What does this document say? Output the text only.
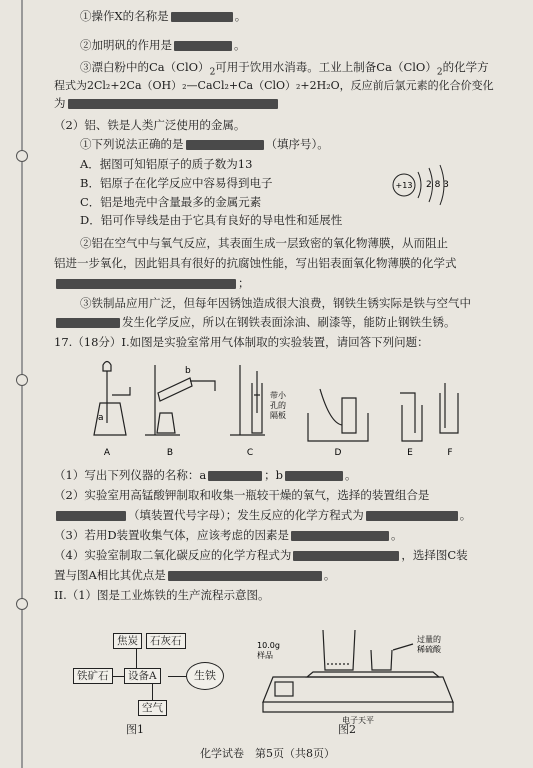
①操作X的名称是	。
②加明矾的作用是	。
③漂白粉中的$Ca(ClO)_2$可用于饮用水消毒。工业上制备$Ca(ClO)_2$的化学方
程式为2Cl₂+2Ca（OH）₂—CaCl₂+Ca（ClO）₂+2H₂O，反应前后氯元素的化合价变化
为
（2）铝、铁是人类广泛使用的金属。
①下列说法正确的是	（填序号）。
A．据图可知铝原子的质子数为13
B．铝原子在化学反应中容易得到电子
C．铝是地壳中含量最多的金属元素
D．铝可作导线是由于它具有良好的导电性和延展性
+13 2 8 3
②铝在空气中与氧气反应，其表面生成一层致密的氧化物薄膜，从而阻止
铝进一步氧化，因此铝具有很好的抗腐蚀性能，写出铝表面氧化物薄膜的化学式
；
③铁制品应用广泛，但每年因锈蚀造成很大浪费，钢铁生锈实际是铁与空气中
发生化学反应，所以在钢铁表面涂油、刷漆等，能防止钢铁生锈。
17.（18分）I.如图是实验室常用气体制取的实验装置，请回答下列问题：
a
b
带小
孔的
隔板
A	B	C	D	E	F
（1）写出下列仪器的名称：a	；b	。
（2）实验室用高锰酸钾制取和收集一瓶较干燥的氧气，选择的装置组合是
（填装置代号字母）；发生反应的化学方程式为	。
（3）若用D装置收集气体，应该考虑的因素是	。
（4）实验室制取二氧化碳反应的化学方程式为	，选择图C装
置与图A相比其优点是	。
II.（1）图是工业炼铁的生产流程示意图。
焦炭	石灰石
铁矿石	设备A	生铁
空气
图1
10.0g
样品
过量的
稀硫酸
电子天平
图2
化学试卷　第5页（共8页）
